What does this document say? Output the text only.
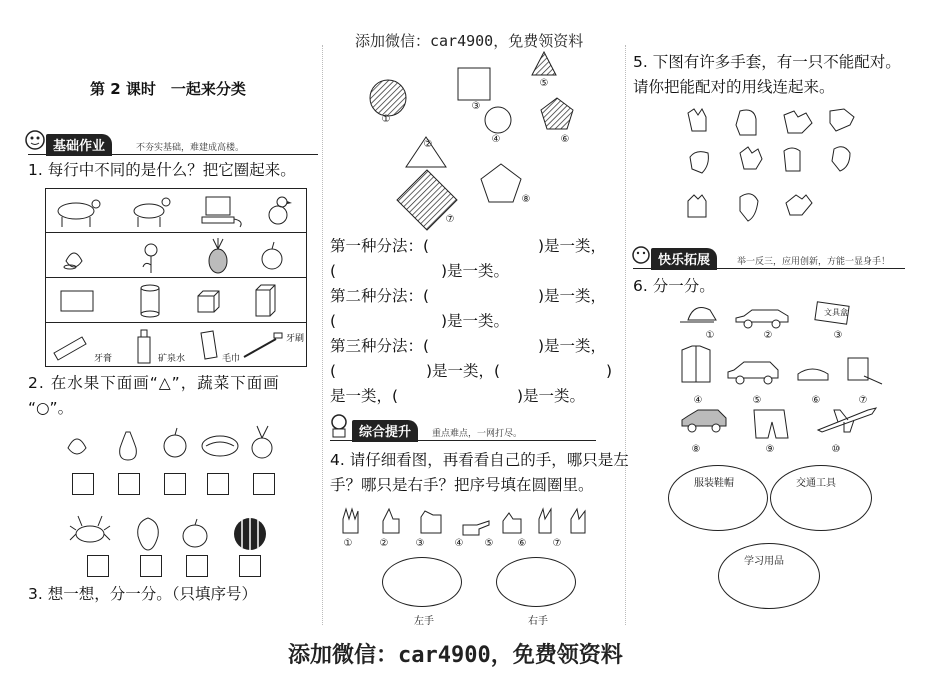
添加微信：car4900，免费领资料
添加微信：car4900，免费领资料
第 2 课时　一起来分类
基础作业	不夯实基础，难建成高楼。
1. 每行中不同的是什么？把它圈起来。
牙膏	矿泉水	毛巾
牙刷
2. 在水果下面画“△”，蔬菜下面画
“○”。
3. 想一想，分一分。（只填序号）
①
②
③
④
⑤
⑥
⑦
⑧
第一种分法：(	)是一类，
(	)是一类。
第二种分法：(	)是一类，
(	)是一类。
第三种分法：(	)是一类，
(	)是一类，(	)
是一类，(	)是一类。
综合提升	重点难点，一网打尽。
4. 请仔细看图，再看看自己的手，哪只是左
手？哪只是右手？把序号填在圆圈里。
①	②	③	④	⑤	⑥	⑦
左手	右手
5. 下图有许多手套，有一只不能配对。
请你把能配对的用线连起来。
快乐拓展	举一反三，应用创新，方能一显身手！
6. 分一分。
文具盒
①	②	③
④	⑤	⑥	⑦
⑧	⑨	⑩
服装鞋帽	交通工具
学习用品
